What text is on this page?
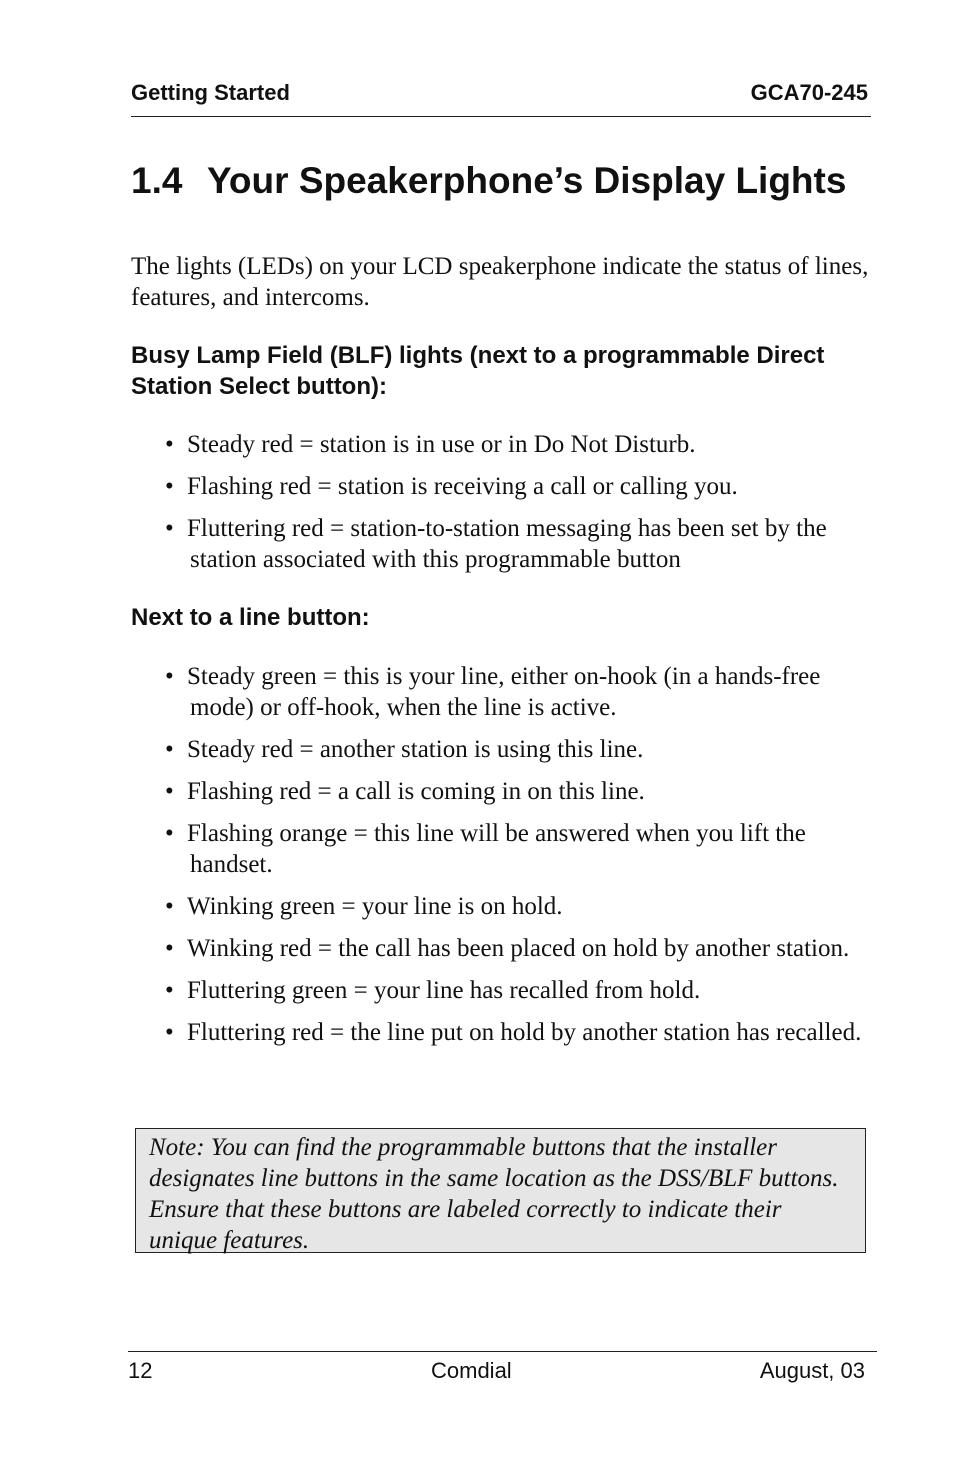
Getting Started	GCA70-245
1.4 Your Speakerphone’s Display Lights
The lights (LEDs) on your LCD speakerphone indicate the status of lines, features, and intercoms.
Busy Lamp Field (BLF) lights (next to a programmable Direct Station Select button):
• Steady red = station is in use or in Do Not Disturb.
• Flashing red = station is receiving a call or calling you.
• Fluttering red = station-to-station messaging has been set by the station associated with this programmable button
Next to a line button:
• Steady green = this is your line, either on-hook (in a hands-free mode) or off-hook, when the line is active.
• Steady red = another station is using this line.
• Flashing red = a call is coming in on this line.
• Flashing orange = this line will be answered when you lift the handset.
• Winking green = your line is on hold.
• Winking red = the call has been placed on hold by another station.
• Fluttering green = your line has recalled from hold.
• Fluttering red = the line put on hold by another station has recalled.
Note: You can find the programmable buttons that the installer designates line buttons in the same location as the DSS/BLF buttons. Ensure that these buttons are labeled correctly to indicate their unique features.
12	Comdial	August, 03
